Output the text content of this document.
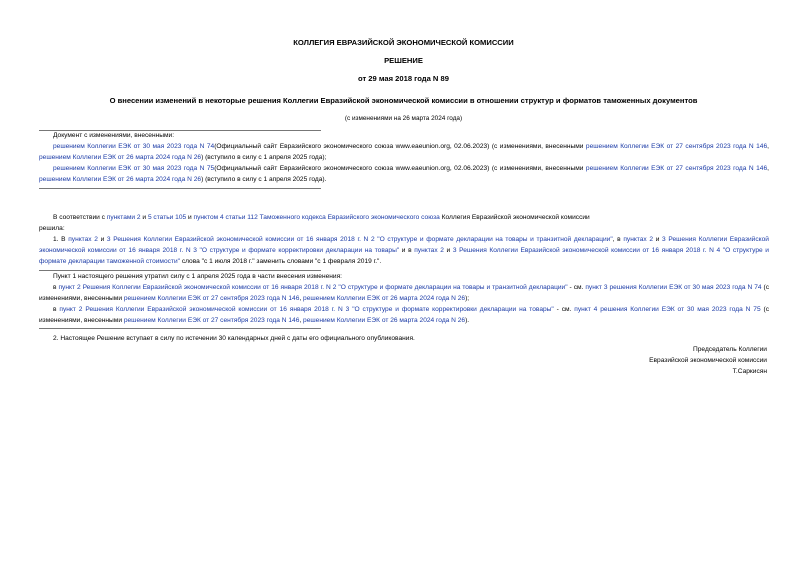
КОЛЛЕГИЯ ЕВРАЗИЙСКОЙ ЭКОНОМИЧЕСКОЙ КОМИССИИ
РЕШЕНИЕ
от 29 мая 2018 года N 89
О внесении изменений в некоторые решения Коллегии Евразийской экономической комиссии в отношении структур и форматов таможенных документов
(с изменениями на 26 марта 2024 года)

Документ с изменениями, внесенными:

решением Коллегии ЕЭК от 30 мая 2023 года N 74(Официальный сайт Евразийского экономического союза www.eaeunion.org, 02.06.2023) (с изменениями, внесенными решением Коллегии ЕЭК от 27 сентября 2023 года N 146, решением Коллегии ЕЭК от 26 марта 2024 года N 26) (вступило в силу с 1 апреля 2025 года);

решением Коллегии ЕЭК от 30 мая 2023 года N 75(Официальный сайт Евразийского экономического союза www.eaeunion.org, 02.06.2023) (с изменениями, внесенными решением Коллегии ЕЭК от 27 сентября 2023 года N 146, решением Коллегии ЕЭК от 26 марта 2024 года N 26) (вступило в силу с 1 апреля 2025 года).

В соответствии с пунктами 2 и 5 статьи 105 и пунктом 4 статьи 112 Таможенного кодекса Евразийского экономического союза Коллегия Евразийской экономической комиссии

решила:

1. В пунктах 2 и 3 Решения Коллегии Евразийской экономической комиссии от 16 января 2018 г. N 2 "О структуре и формате декларации на товары и транзитной декларации", в пунктах 2 и 3 Решения Коллегии Евразийской экономической комиссии от 16 января 2018 г. N 3 "О структуре и формате корректировки декларации на товары" и в пунктах 2 и 3 Решения Коллегии Евразийской экономической комиссии от 16 января 2018 г. N 4 "О структуре и формате декларации таможенной стоимости" слова "с 1 июля 2018 г." заменить словами "с 1 февраля 2019 г.".

Пункт 1 настоящего решения утратил силу с 1 апреля 2025 года в части внесения изменения:

в пункт 2 Решения Коллегии Евразийской экономической комиссии от 16 января 2018 г. N 2 "О структуре и формате декларации на товары и транзитной декларации" - см. пункт 3 решения Коллегии ЕЭК от 30 мая 2023 года N 74 (с изменениями, внесенными решением Коллегии ЕЭК от 27 сентября 2023 года N 146, решением Коллегии ЕЭК от 26 марта 2024 года N 26);

в пункт 2 Решения Коллегии Евразийской экономической комиссии от 16 января 2018 г. N 3 "О структуре и формате корректировки декларации на товары" - см. пункт 4 решения Коллегии ЕЭК от 30 мая 2023 года N 75 (с изменениями, внесенными решением Коллегии ЕЭК от 27 сентября 2023 года N 146, решением Коллегии ЕЭК от 26 марта 2024 года N 26).

2. Настоящее Решение вступает в силу по истечении 30 календарных дней с даты его официального опубликования.

Председатель Коллегии
Евразийской экономической комиссии
Т.Саркисян
